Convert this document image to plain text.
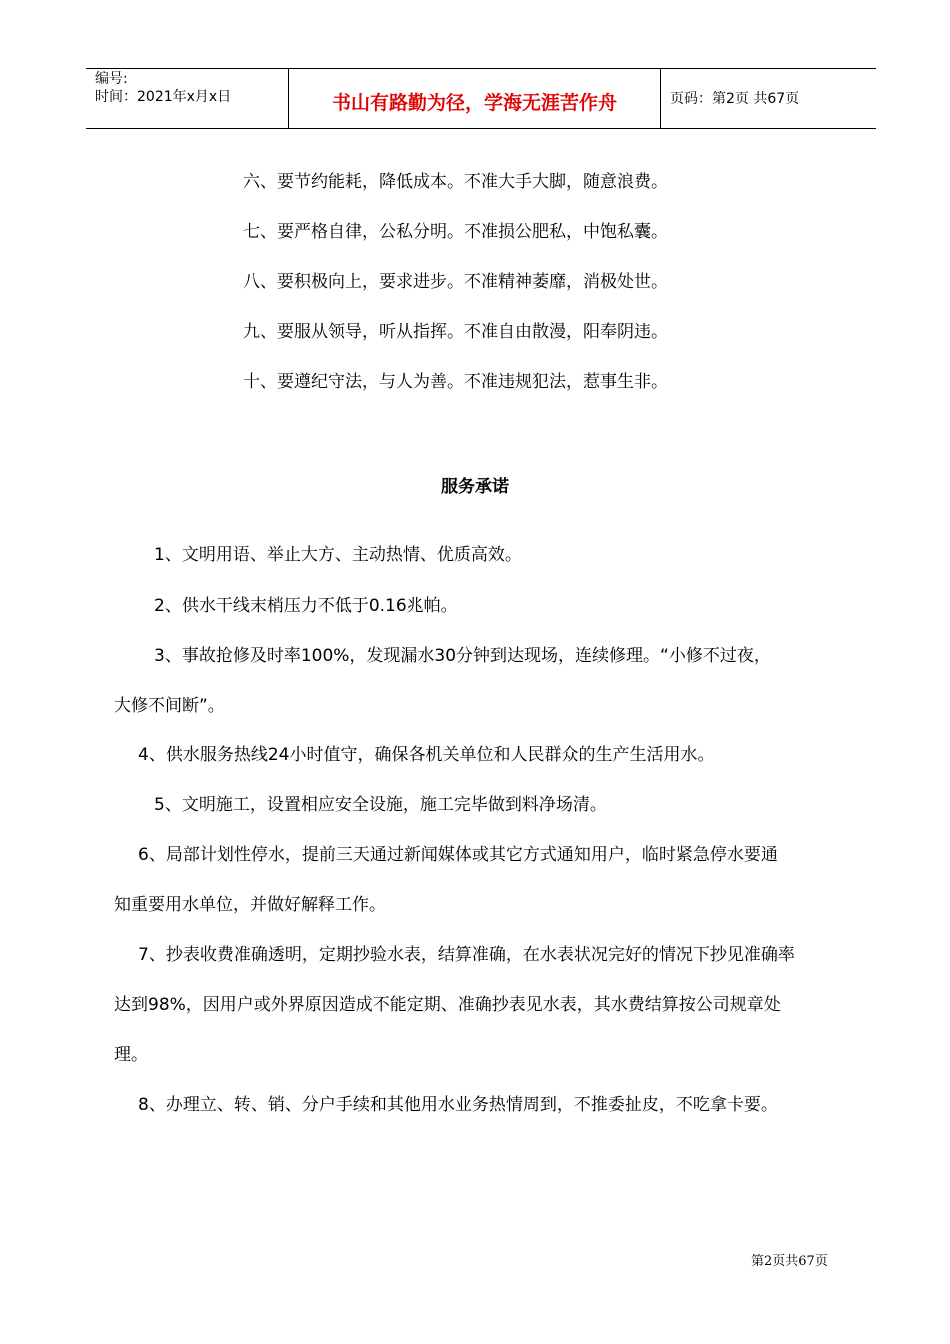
编号:
时间：2021年x月x日	书山有路勤为径，学海无涯苦作舟	页码：第2页 共67页
六、要节约能耗，降低成本。不准大手大脚，随意浪费。
七、要严格自律，公私分明。不准损公肥私，中饱私囊。
八、要积极向上，要求进步。不准精神萎靡，消极处世。
九、要服从领导，听从指挥。不准自由散漫，阳奉阴违。
十、要遵纪守法，与人为善。不准违规犯法，惹事生非。
服务承诺
1、文明用语、举止大方、主动热情、优质高效。
2、供水干线末梢压力不低于0.16兆帕。
3、事故抢修及时率100%，发现漏水30分钟到达现场，连续修理。“小修不过夜，
大修不间断”。
4、供水服务热线24小时值守，确保各机关单位和人民群众的生产生活用水。
5、文明施工，设置相应安全设施，施工完毕做到料净场清。
6、局部计划性停水，提前三天通过新闻媒体或其它方式通知用户，临时紧急停水要通
知重要用水单位，并做好解释工作。
7、抄表收费准确透明，定期抄验水表，结算准确，在水表状况完好的情况下抄见准确率
达到98%，因用户或外界原因造成不能定期、准确抄表见水表，其水费结算按公司规章处
理。
8、办理立、转、销、分户手续和其他用水业务热情周到，不推委扯皮，不吃拿卡要。
第2页共67页
